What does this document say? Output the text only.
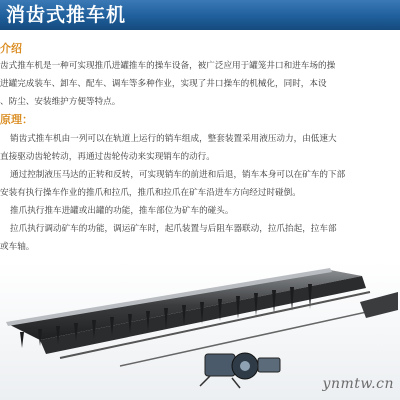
消齿式推车机
介绍
齿式推车机是一种可实现推爪进罐推车的操车设备，被广泛应用于罐笼井口和进车场的操
进罐完成装车、卸车、配车、调车等多种作业，实现了井口操车的机械化，同时，本设
、防尘、安装维护方便等特点。
原理：
销齿式推车机由一列可以在轨道上运行的销车组成，整套装置采用液压动力，由低速大
直接驱动齿轮转动，再通过齿轮传动来实现销车的动行。
通过控制液压马达的正转和反转，可实现销车的前进和后退，销车本身可以在矿车的下部
安装有执行操车作业的推爪和拉爪，推爪和拉爪在矿车沿进车方向经过时碰倒。
推爪执行推车进罐或出罐的功能，推车部位为矿车的碰头。
拉爪执行调动矿车的功能，调运矿车时，起爪装置与后阻车器联动，拉爪抬起，拉车部
或车轴。
ynmtw.cn
